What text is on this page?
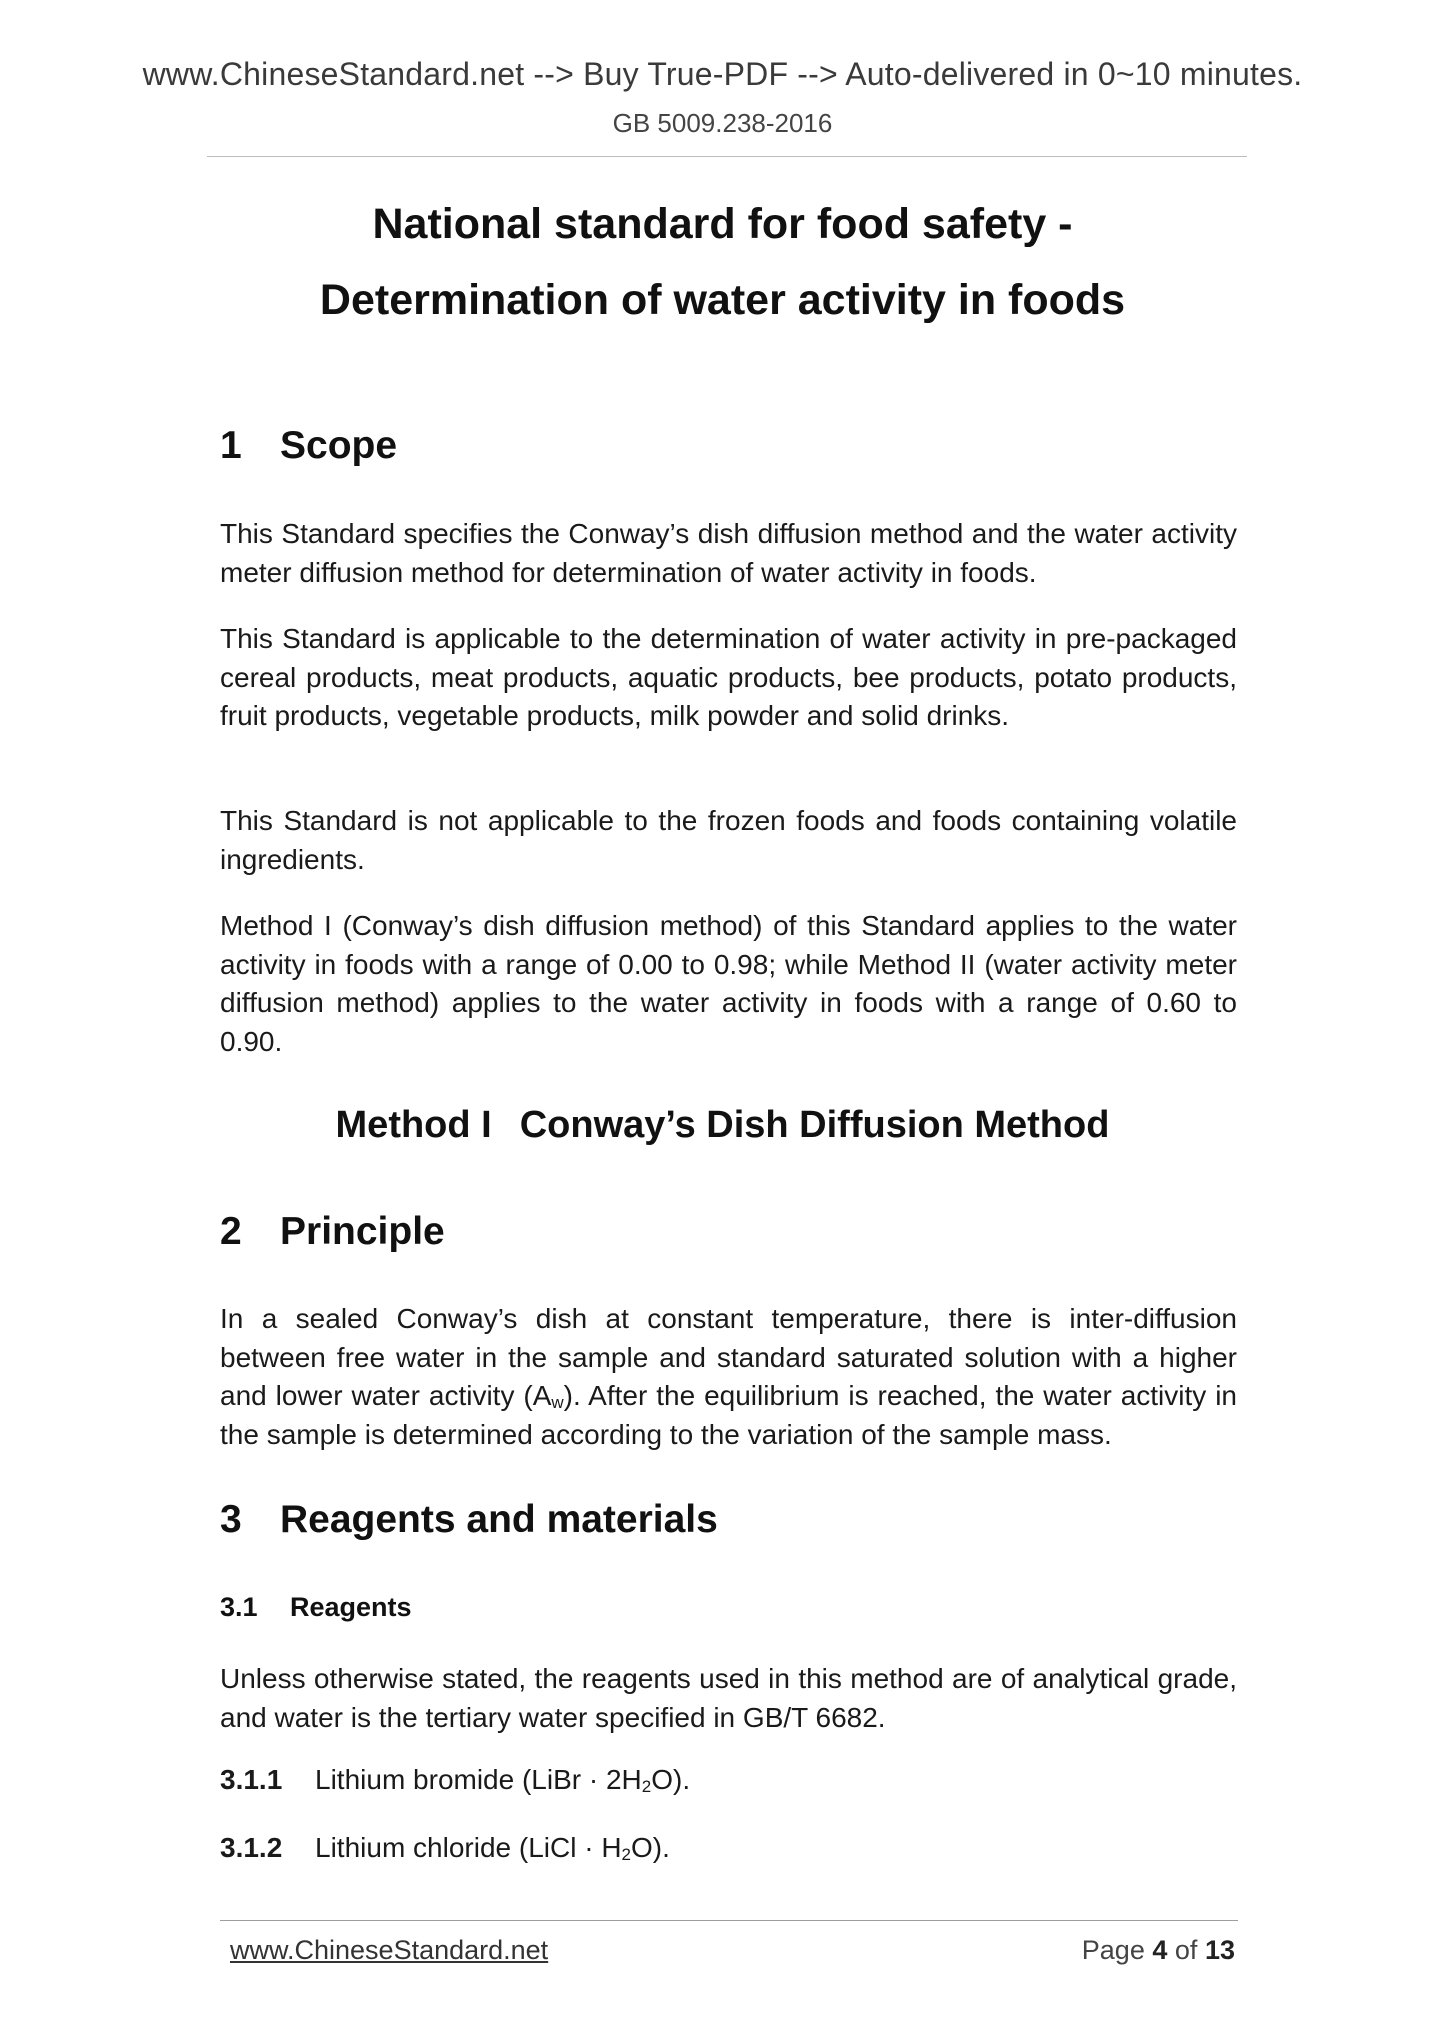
www.ChineseStandard.net --> Buy True-PDF --> Auto-delivered in 0~10 minutes.
GB 5009.238-2016
National standard for food safety -
Determination of water activity in foods
1 Scope
This Standard specifies the Conway’s dish diffusion method and the water activity meter diffusion method for determination of water activity in foods.
This Standard is applicable to the determination of water activity in pre-packaged cereal products, meat products, aquatic products, bee products, potato products, fruit products, vegetable products, milk powder and solid drinks.
This Standard is not applicable to the frozen foods and foods containing volatile ingredients.
Method I (Conway’s dish diffusion method) of this Standard applies to the water activity in foods with a range of 0.00 to 0.98; while Method II (water activity meter diffusion method) applies to the water activity in foods with a range of 0.60 to 0.90.
Method I Conway’s Dish Diffusion Method
2 Principle
In a sealed Conway’s dish at constant temperature, there is inter-diffusion between free water in the sample and standard saturated solution with a higher and lower water activity $(A_w)$. After the equilibrium is reached, the water activity in the sample is determined according to the variation of the sample mass.
3 Reagents and materials
3.1 Reagents
Unless otherwise stated, the reagents used in this method are of analytical grade, and water is the tertiary water specified in GB/T 6682.
3.1.1 Lithium bromide (LiBr · $2H_2O$).
3.1.2 Lithium chloride (LiCl · $H_2O$).
www.ChineseStandard.net	Page 4 of 13
